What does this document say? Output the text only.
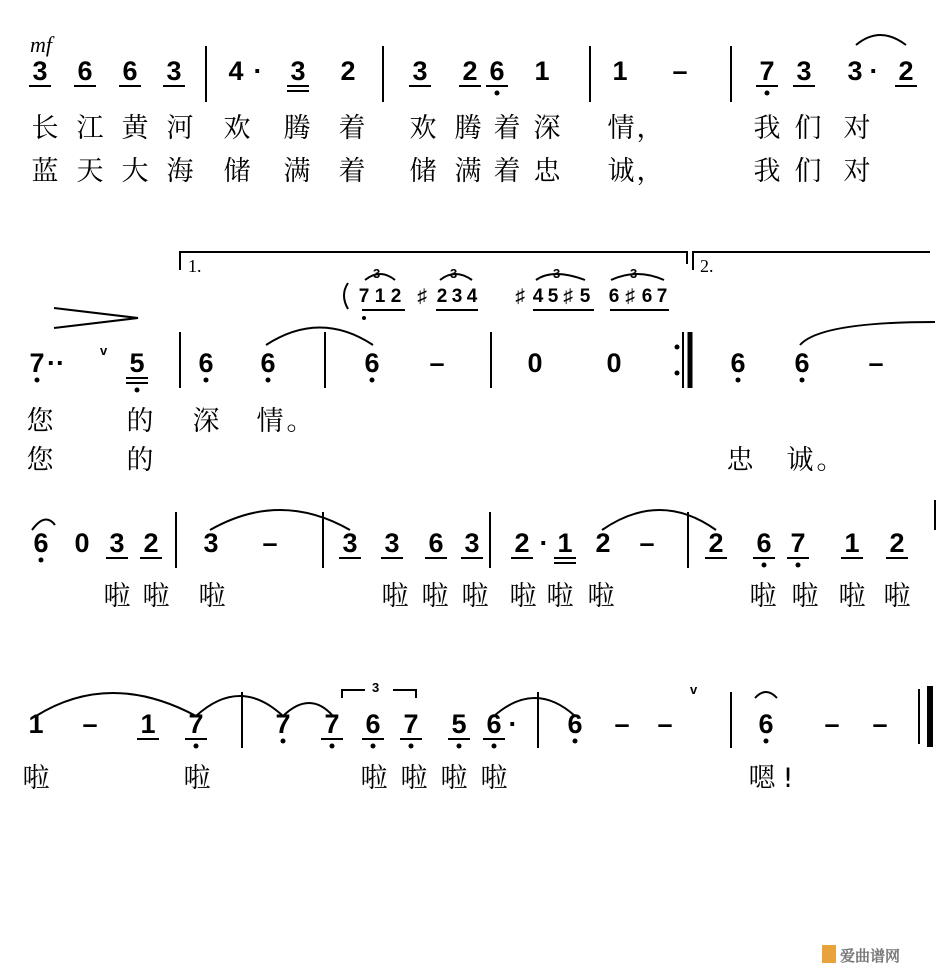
mf
1.	2.
v
v
3	3	3	3
3
3 6 6 3 4 · 3 2 3 2 6 1 1 –	7 3 3 · 2
7 ·· 5 6 6	6 –	0 0	6 6 –
7 1 2 ♯ 2 3 4 ♯ 4 5 ♯ 5 6 ♯ 6 7
6 0 3 2 3 – 3 3 6 3 2 · 1 2 – 2 6 7 1 2
1 – 1 7	7 7 6 7 5 6 · 6 – –	6 – –
长 江 黄 河 欢 腾 着 欢 腾 着 深 情 ，	我 们 对
蓝 天 大 海 储 满 着 储 满 着 忠 诚 ，	我 们 对
您	的 深 情 。
您	的	忠 诚 。
啦 啦 啦	啦 啦 啦 啦 啦 啦	啦 啦 啦 啦
啦	啦	啦 啦 啦 啦	嗯 !
爱曲谱网
